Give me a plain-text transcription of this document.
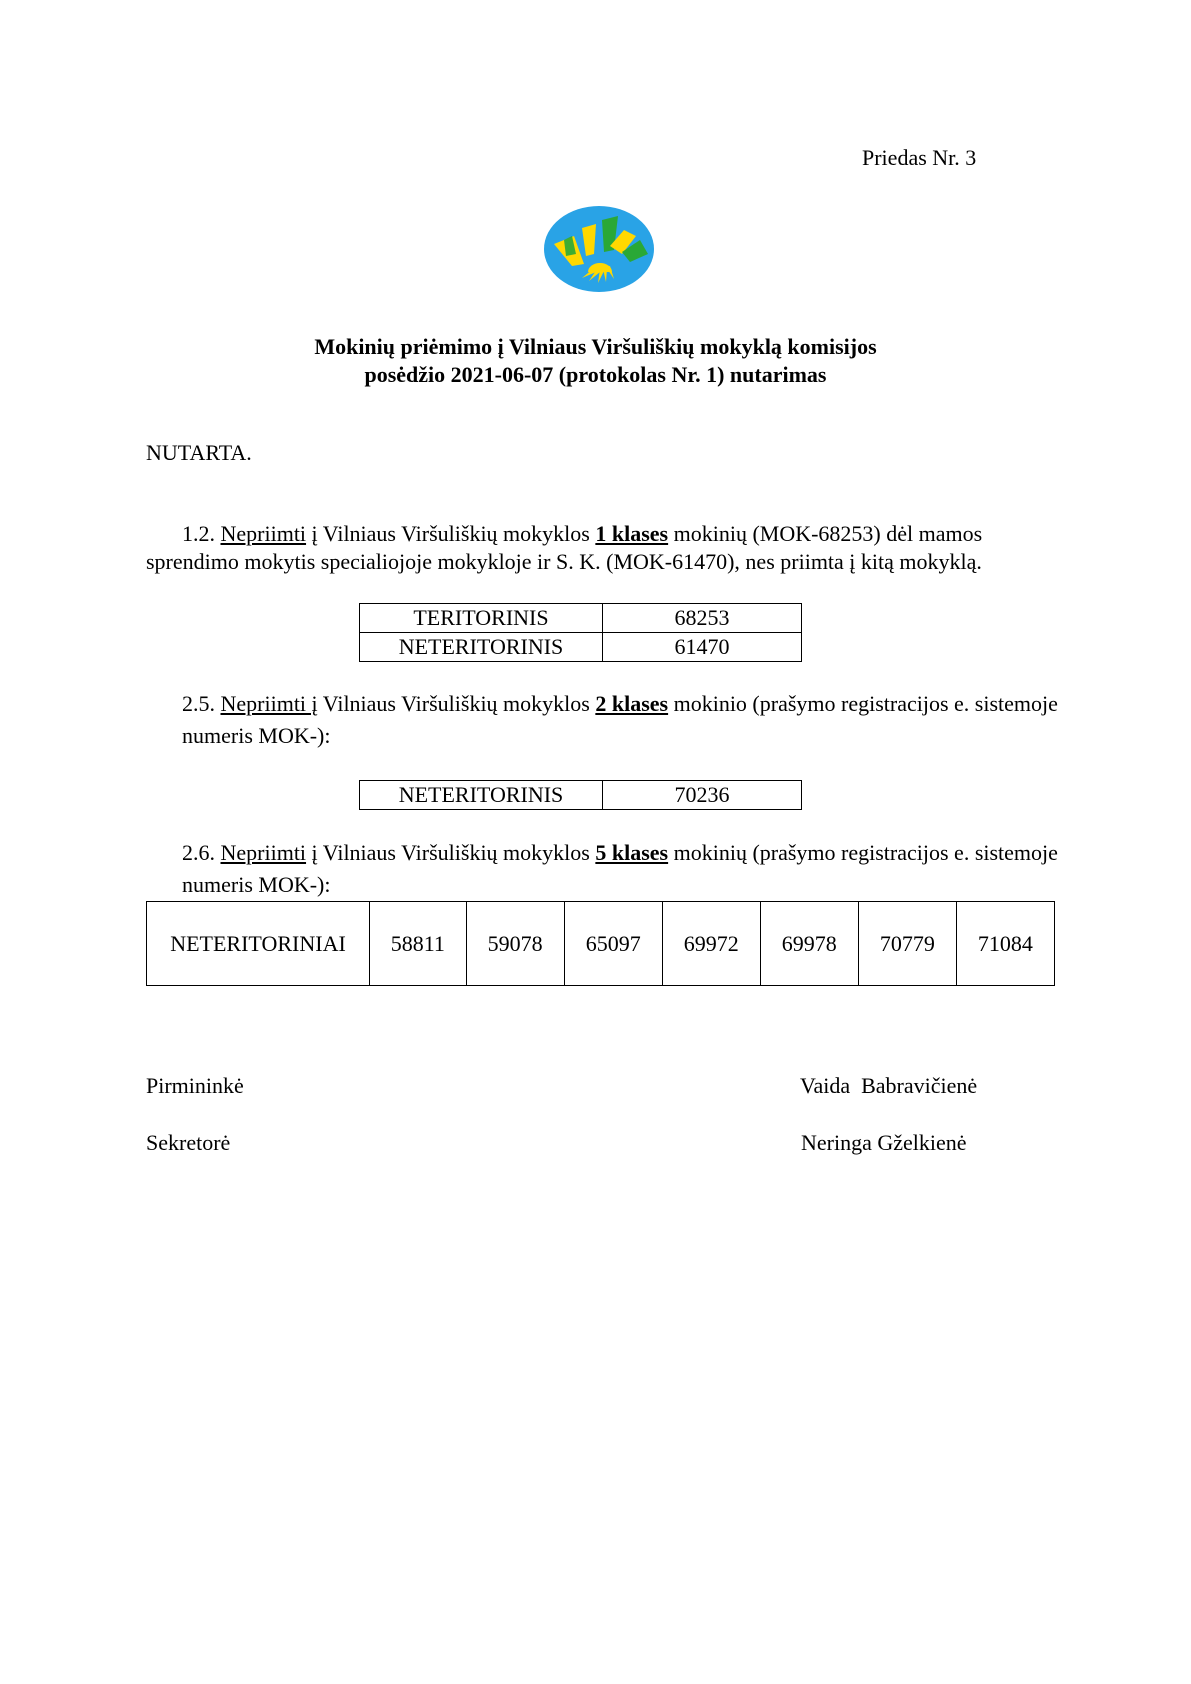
Priedas Nr. 3
Mokinių priėmimo į Vilniaus Viršuliškių mokyklą komisijos
posėdžio 2021-06-07 (protokolas Nr. 1) nutarimas
NUTARTA.
1.2. Nepriimti į Vilniaus Viršuliškių mokyklos 1 klases mokinių (MOK-68253) dėl mamos sprendimo mokytis specialiojoje mokykloje ir S. K. (MOK-61470), nes priimta į kitą mokyklą.
TERITORINIS	68253
NETERITORINIS	61470
2.5. Nepriimti į Vilniaus Viršuliškių mokyklos 2 klases mokinio (prašymo registracijos e. sistemoje numeris MOK-):
NETERITORINIS	70236
2.6. Nepriimti į Vilniaus Viršuliškių mokyklos 5 klases mokinių (prašymo registracijos e. sistemoje numeris MOK-):
NETERITORINIAI	58811	59078	65097	69972	69978	70779	71084
Pirmininkė	Vaida  Babravičienė
Sekretorė	Neringa Gželkienė
